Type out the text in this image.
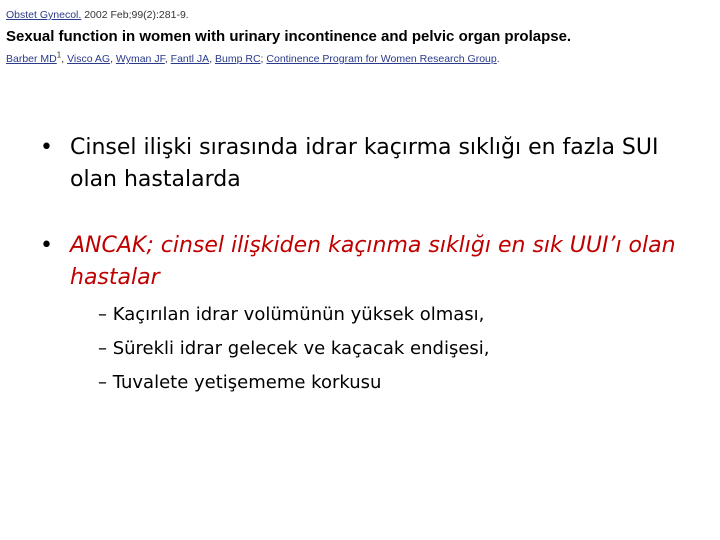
Obstet Gynecol. 2002 Feb;99(2):281-9.
Sexual function in women with urinary incontinence and pelvic organ prolapse.
Barber $MD^1$, Visco AG, Wyman JF, Fantl JA, Bump RC; Continence Program for Women Research Group.
• Cinsel ilişki sırasında idrar kaçırma sıklığı en fazla SUI olan hastalarda
• ANCAK; cinsel ilişkiden kaçınma sıklığı en sık UUI’ı olan hastalar
– Kaçırılan idrar volümünün yüksek olması,
– Sürekli idrar gelecek ve kaçacak endişesi,
– Tuvalete yetişememe korkusu
